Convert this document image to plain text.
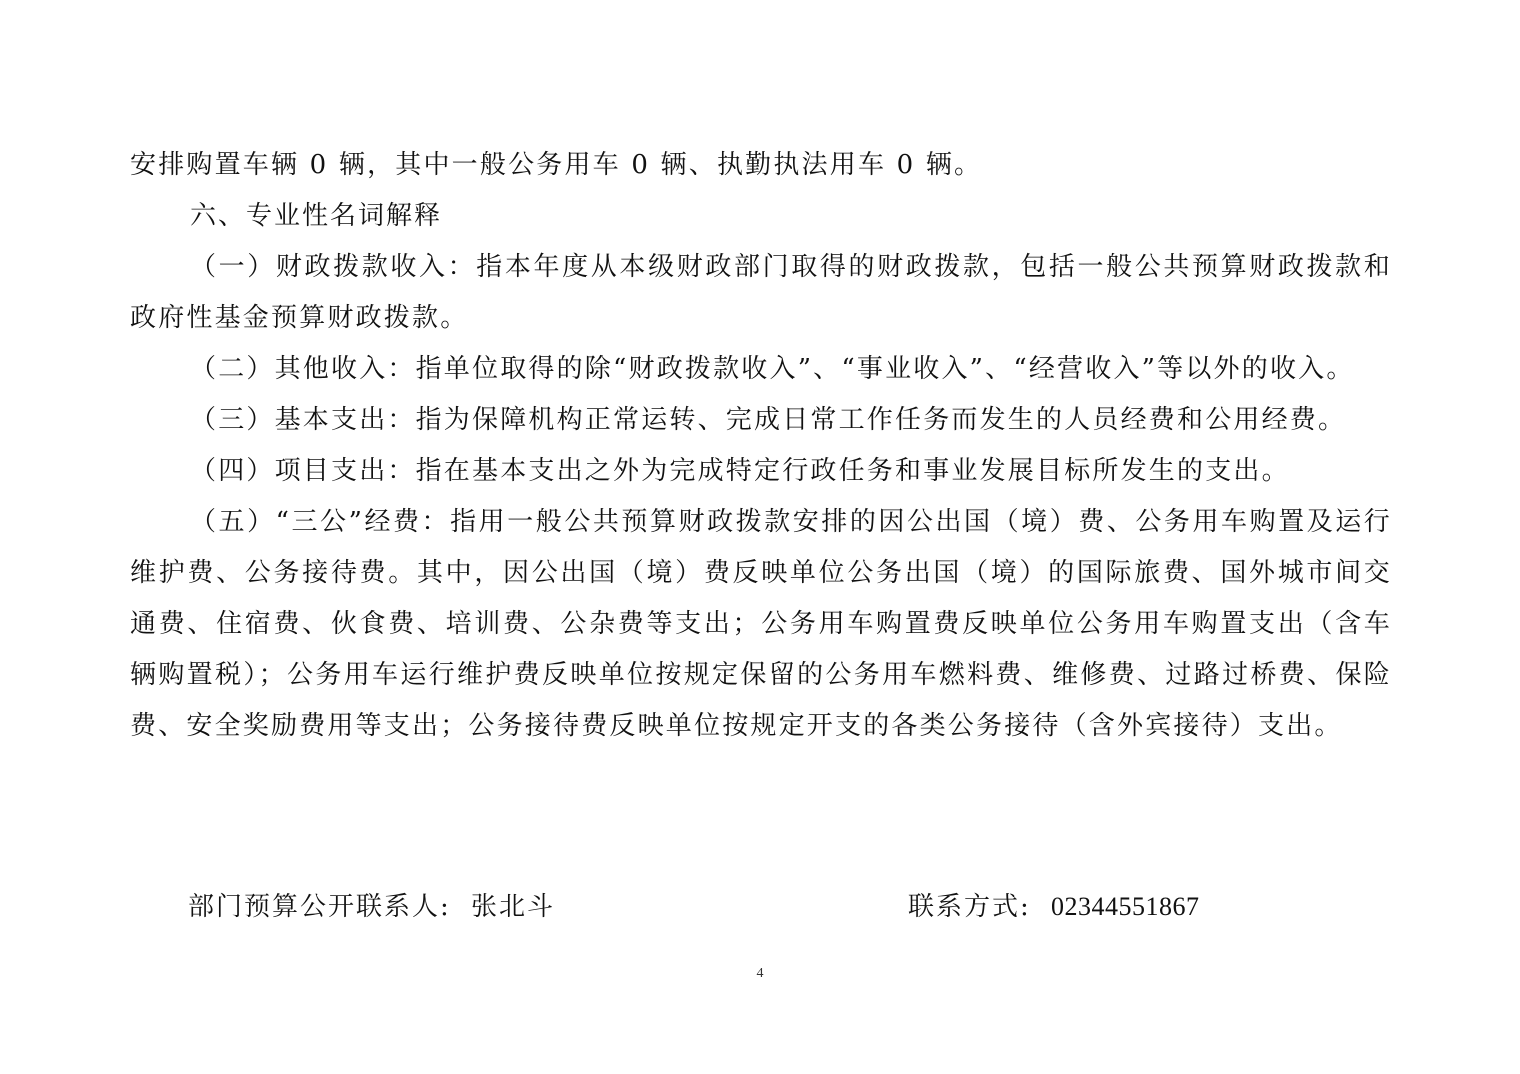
安排购置车辆 0 辆，其中一般公务用车 0 辆、执勤执法用车 0 辆。

六、专业性名词解释

（一）财政拨款收入：指本年度从本级财政部门取得的财政拨款，包括一般公共预算财政拨款和政府性基金预算财政拨款。

（二）其他收入：指单位取得的除“财政拨款收入”、“事业收入”、“经营收入”等以外的收入。

（三）基本支出：指为保障机构正常运转、完成日常工作任务而发生的人员经费和公用经费。

（四）项目支出：指在基本支出之外为完成特定行政任务和事业发展目标所发生的支出。

（五）“三公”经费：指用一般公共预算财政拨款安排的因公出国（境）费、公务用车购置及运行维护费、公务接待费。其中，因公出国（境）费反映单位公务出国（境）的国际旅费、国外城市间交通费、住宿费、伙食费、培训费、公杂费等支出；公务用车购置费反映单位公务用车购置支出（含车辆购置税）；公务用车运行维护费反映单位按规定保留的公务用车燃料费、维修费、过路过桥费、保险费、安全奖励费用等支出；公务接待费反映单位按规定开支的各类公务接待（含外宾接待）支出。

部门预算公开联系人: 张北斗	联系方式: 02344551867
4
